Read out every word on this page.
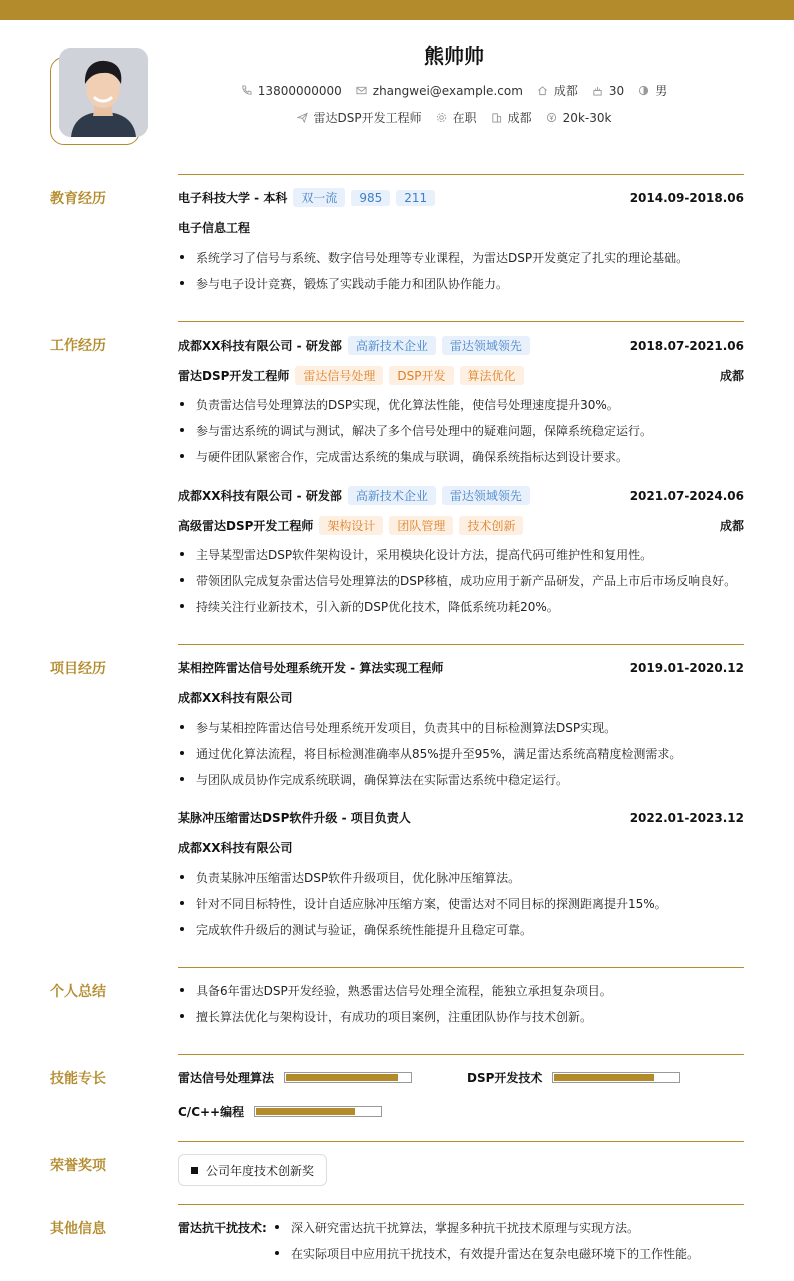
熊帅帅
13800000000	zhangwei@example.com	成都	30	男
雷达DSP开发工程师	在职	成都	20k-30k
教育经历	电子科技大学 - 本科	双一流	985	211	2014.09-2018.06
电子信息工程
系统学习了信号与系统、数字信号处理等专业课程，为雷达DSP开发奠定了扎实的理论基础。
参与电子设计竞赛，锻炼了实践动手能力和团队协作能力。
工作经历	成都XX科技有限公司 - 研发部	高新技术企业	雷达领域领先	2018.07-2021.06
雷达DSP开发工程师	雷达信号处理	DSP开发	算法优化	成都
负责雷达信号处理算法的DSP实现，优化算法性能，使信号处理速度提升30%。
参与雷达系统的调试与测试，解决了多个信号处理中的疑难问题，保障系统稳定运行。
与硬件团队紧密合作，完成雷达系统的集成与联调，确保系统指标达到设计要求。
成都XX科技有限公司 - 研发部	高新技术企业	雷达领域领先	2021.07-2024.06
高级雷达DSP开发工程师	架构设计	团队管理	技术创新	成都
主导某型雷达DSP软件架构设计，采用模块化设计方法，提高代码可维护性和复用性。
带领团队完成复杂雷达信号处理算法的DSP移植，成功应用于新产品研发，产品上市后市场反响良好。
持续关注行业新技术，引入新的DSP优化技术，降低系统功耗20%。
项目经历	某相控阵雷达信号处理系统开发 - 算法实现工程师	2019.01-2020.12
成都XX科技有限公司
参与某相控阵雷达信号处理系统开发项目，负责其中的目标检测算法DSP实现。
通过优化算法流程，将目标检测准确率从85%提升至95%，满足雷达系统高精度检测需求。
与团队成员协作完成系统联调，确保算法在实际雷达系统中稳定运行。
某脉冲压缩雷达DSP软件升级 - 项目负责人	2022.01-2023.12
成都XX科技有限公司
负责某脉冲压缩雷达DSP软件升级项目，优化脉冲压缩算法。
针对不同目标特性，设计自适应脉冲压缩方案，使雷达对不同目标的探测距离提升15%。
完成软件升级后的测试与验证，确保系统性能提升且稳定可靠。
个人总结	具备6年雷达DSP开发经验，熟悉雷达信号处理全流程，能独立承担复杂项目。
擅长算法优化与架构设计，有成功的项目案例，注重团队协作与技术创新。
技能专长	雷达信号处理算法	DSP开发技术
C/C++编程
荣誉奖项	公司年度技术创新奖
其他信息	雷达抗干扰技术:	深入研究雷达抗干扰算法，掌握多种抗干扰技术原理与实现方法。
在实际项目中应用抗干扰技术，有效提升雷达在复杂电磁环境下的工作性能。
